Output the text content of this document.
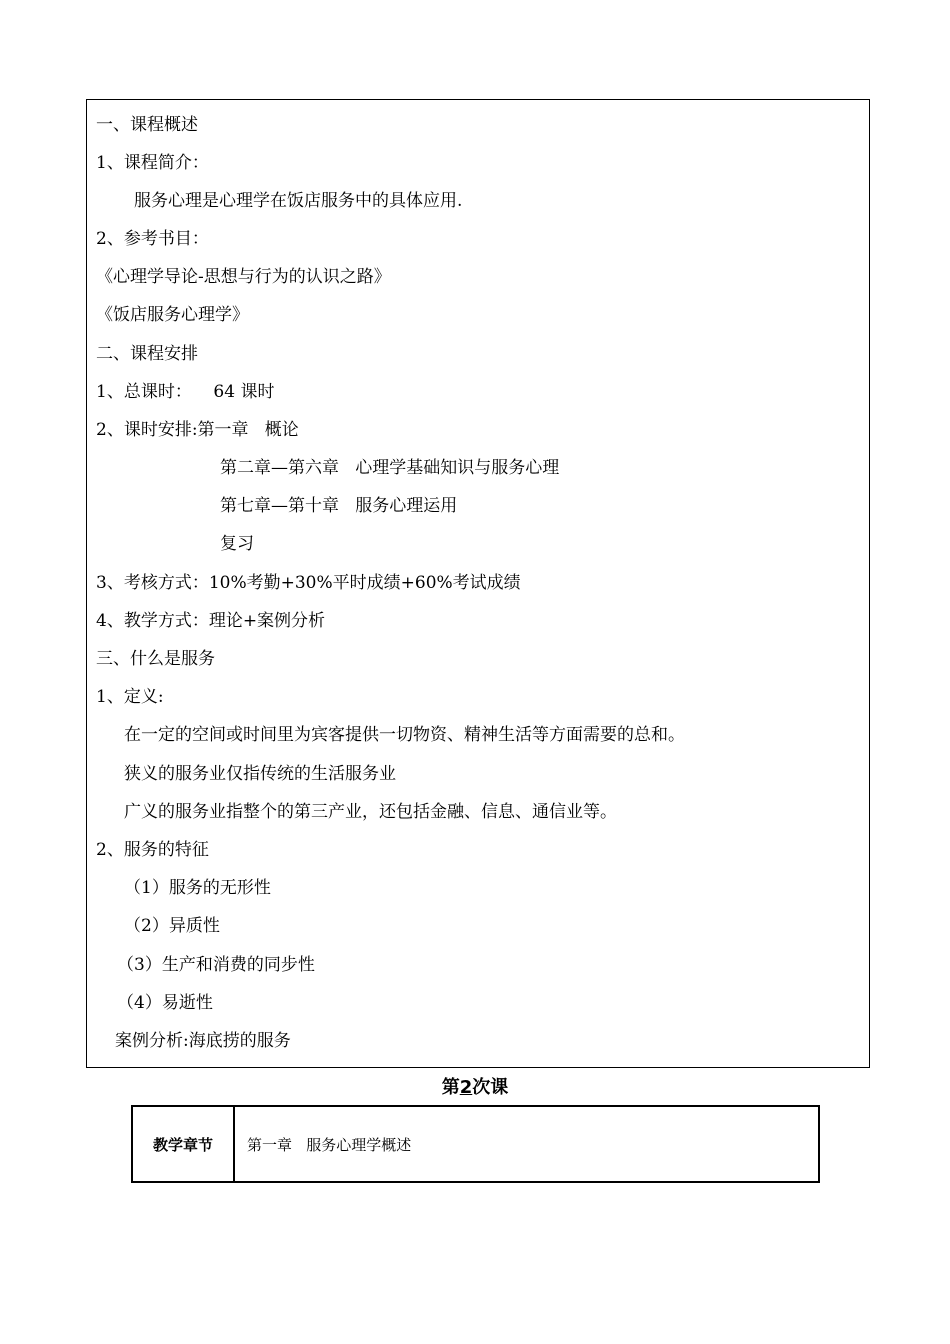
一、课程概述
1、课程简介：
服务心理是心理学在饭店服务中的具体应用.
2、参考书目：
《心理学导论-思想与行为的认识之路》
《饭店服务心理学》
二、课程安排
1、总课时：    64 课时
2、课时安排:第一章   概论
第二章—第六章   心理学基础知识与服务心理
第七章—第十章   服务心理运用
复习
3、考核方式：10%考勤+30%平时成绩+60%考试成绩
4、教学方式：理论+案例分析
三、什么是服务
1、定义:
在一定的空间或时间里为宾客提供一切物资、精神生活等方面需要的总和。
狭义的服务业仅指传统的生活服务业
广义的服务业指整个的第三产业，还包括金融、信息、通信业等。
2、服务的特征
（1）服务的无形性
（2）异质性
（3）生产和消费的同步性
（4）易逝性
案例分析:海底捞的服务
第2次课
教学章节	第一章   服务心理学概述
